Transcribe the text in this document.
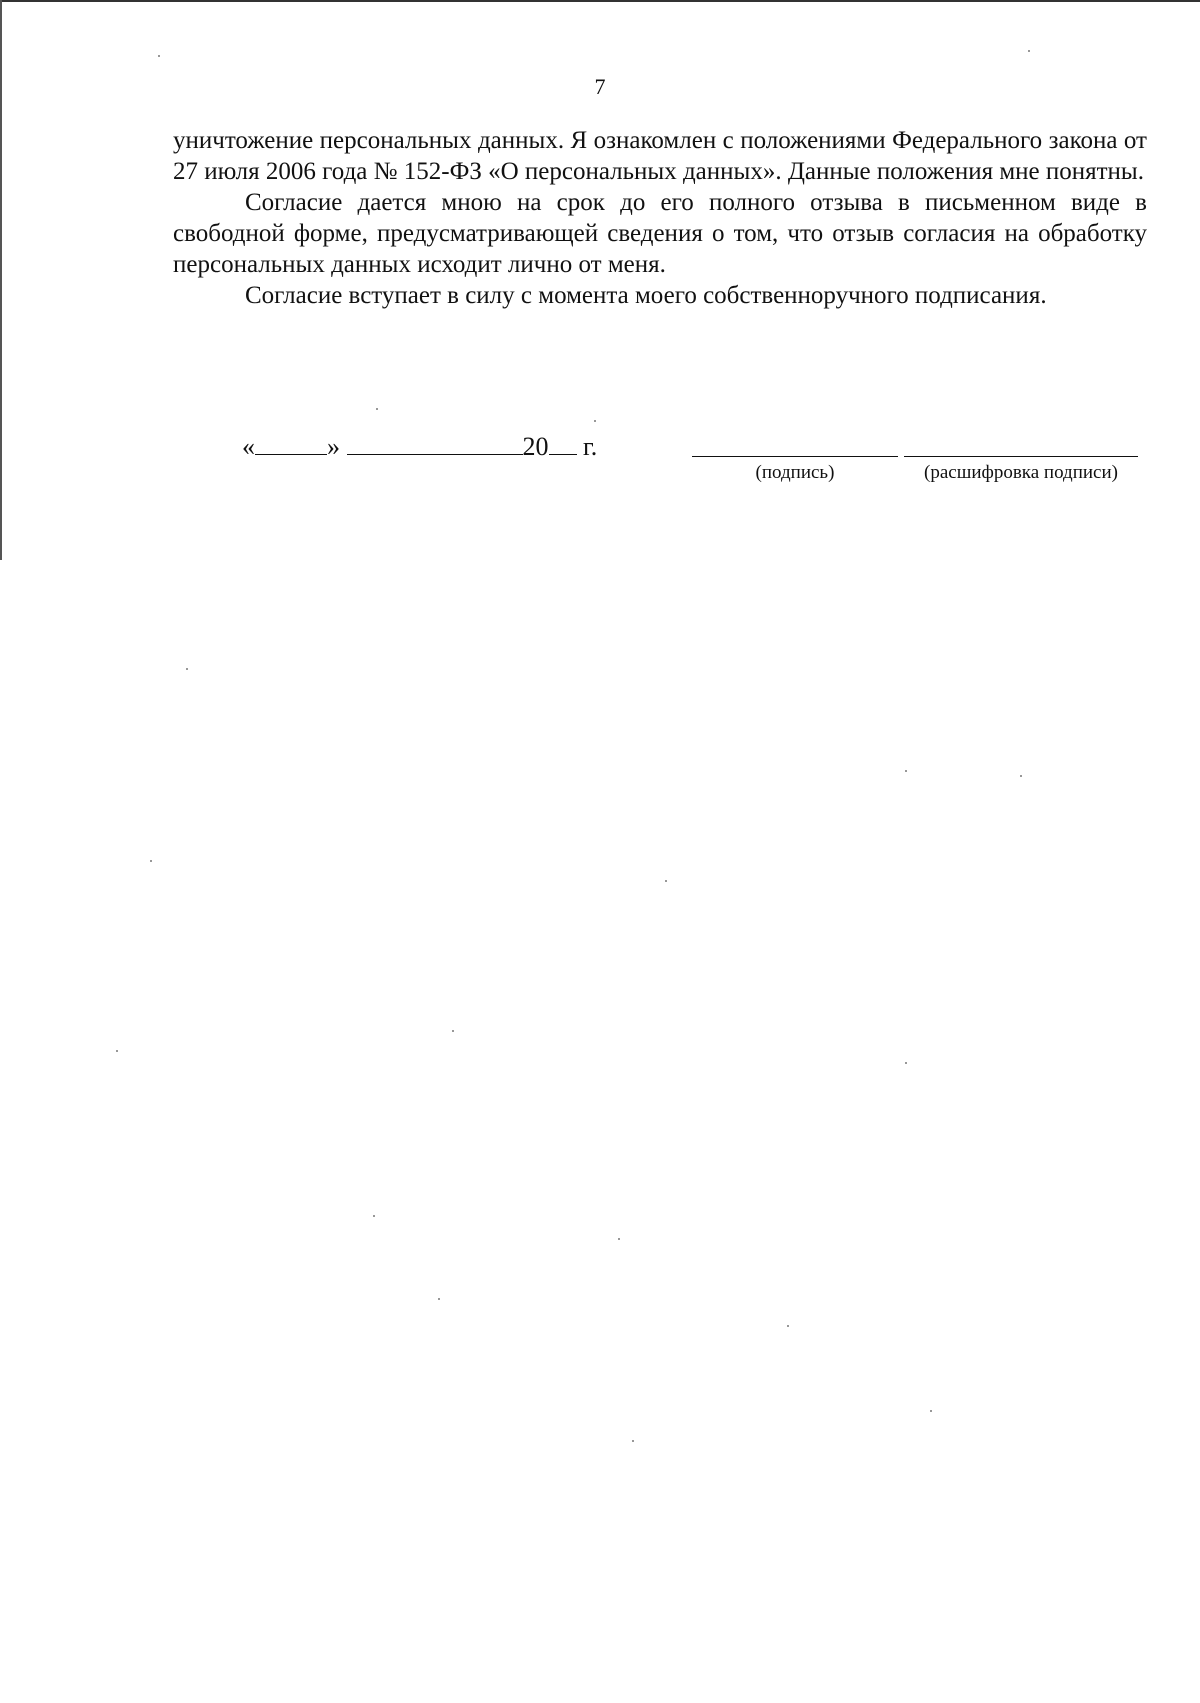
7

уничтожение персональных данных. Я ознакомлен с положениями Федерального закона от 27 июля 2006 года № 152-ФЗ «О персональных данных». Данные положения мне понятны.

Согласие дается мною на срок до его полного отзыва в письменном виде в свободной форме, предусматривающей сведения о том, что отзыв согласия на обработку персональных данных исходит лично от меня.

Согласие вступает в силу с момента моего собственноручного подписания.

«	»	20 г.
(подпись)	(расшифровка подписи)
